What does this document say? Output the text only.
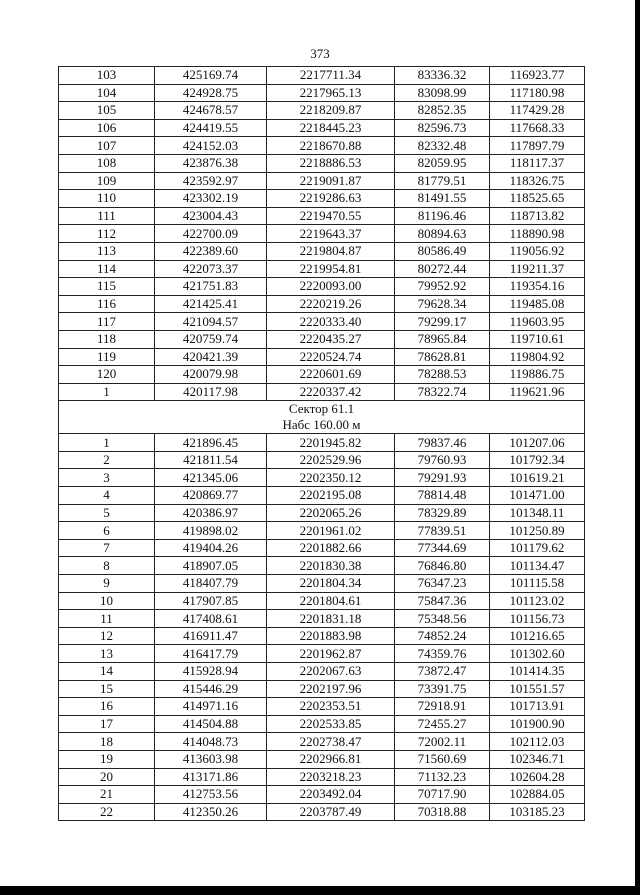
373
103	425169.74	2217711.34	83336.32	116923.77
104	424928.75	2217965.13	83098.99	117180.98
105	424678.57	2218209.87	82852.35	117429.28
106	424419.55	2218445.23	82596.73	117668.33
107	424152.03	2218670.88	82332.48	117897.79
108	423876.38	2218886.53	82059.95	118117.37
109	423592.97	2219091.87	81779.51	118326.75
110	423302.19	2219286.63	81491.55	118525.65
111	423004.43	2219470.55	81196.46	118713.82
112	422700.09	2219643.37	80894.63	118890.98
113	422389.60	2219804.87	80586.49	119056.92
114	422073.37	2219954.81	80272.44	119211.37
115	421751.83	2220093.00	79952.92	119354.16
116	421425.41	2220219.26	79628.34	119485.08
117	421094.57	2220333.40	79299.17	119603.95
118	420759.74	2220435.27	78965.84	119710.61
119	420421.39	2220524.74	78628.81	119804.92
120	420079.98	2220601.69	78288.53	119886.75
1	420117.98	2220337.42	78322.74	119621.96
Сектор 61.1				
Набс 160.00 м				
1	421896.45	2201945.82	79837.46	101207.06
2	421811.54	2202529.96	79760.93	101792.34
3	421345.06	2202350.12	79291.93	101619.21
4	420869.77	2202195.08	78814.48	101471.00
5	420386.97	2202065.26	78329.89	101348.11
6	419898.02	2201961.02	77839.51	101250.89
7	419404.26	2201882.66	77344.69	101179.62
8	418907.05	2201830.38	76846.80	101134.47
9	418407.79	2201804.34	76347.23	101115.58
10	417907.85	2201804.61	75847.36	101123.02
11	417408.61	2201831.18	75348.56	101156.73
12	416911.47	2201883.98	74852.24	101216.65
13	416417.79	2201962.87	74359.76	101302.60
14	415928.94	2202067.63	73872.47	101414.35
15	415446.29	2202197.96	73391.75	101551.57
16	414971.16	2202353.51	72918.91	101713.91
17	414504.88	2202533.85	72455.27	101900.90
18	414048.73	2202738.47	72002.11	102112.03
19	413603.98	2202966.81	71560.69	102346.71
20	413171.86	2203218.23	71132.23	102604.28
21	412753.56	2203492.04	70717.90	102884.05
22	412350.26	2203787.49	70318.88	103185.23
